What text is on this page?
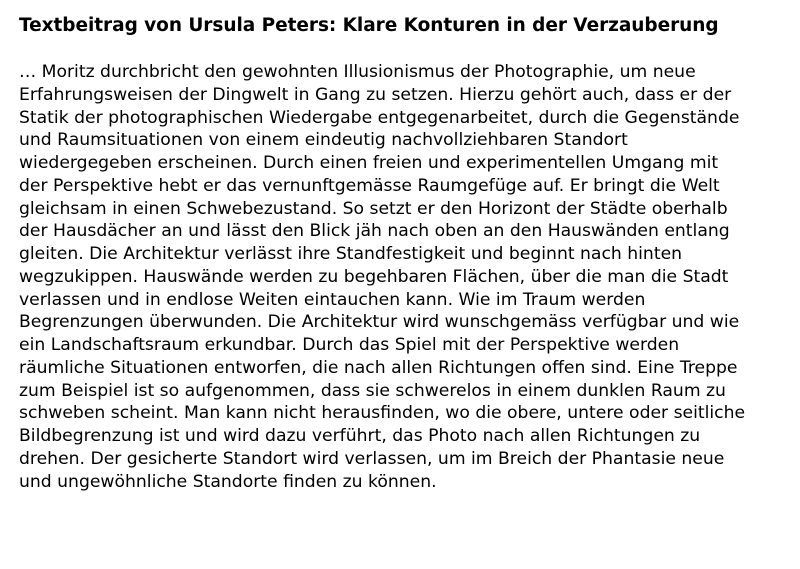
Textbeitrag von Ursula Peters: Klare Konturen in der Verzauberung

… Moritz durchbricht den gewohnten Illusionismus der Photographie, um neue
Erfahrungsweisen der Dingwelt in Gang zu setzen. Hierzu gehört auch, dass er der
Statik der photographischen Wiedergabe entgegenarbeitet, durch die Gegenstände
und Raumsituationen von einem eindeutig nachvollziehbaren Standort
wiedergegeben erscheinen. Durch einen freien und experimentellen Umgang mit
der Perspektive hebt er das vernunftgemässe Raumgefüge auf. Er bringt die Welt
gleichsam in einen Schwebezustand. So setzt er den Horizont der Städte oberhalb
der Hausdächer an und lässt den Blick jäh nach oben an den Hauswänden entlang
gleiten. Die Architektur verlässt ihre Standfestigkeit und beginnt nach hinten
wegzukippen. Hauswände werden zu begehbaren Flächen, über die man die Stadt
verlassen und in endlose Weiten eintauchen kann. Wie im Traum werden
Begrenzungen überwunden. Die Architektur wird wunschgemäss verfügbar und wie
ein Landschaftsraum erkundbar. Durch das Spiel mit der Perspektive werden
räumliche Situationen entworfen, die nach allen Richtungen offen sind. Eine Treppe
zum Beispiel ist so aufgenommen, dass sie schwerelos in einem dunklen Raum zu
schweben scheint. Man kann nicht herausfinden, wo die obere, untere oder seitliche
Bildbegrenzung ist und wird dazu verführt, das Photo nach allen Richtungen zu
drehen. Der gesicherte Standort wird verlassen, um im Breich der Phantasie neue
und ungewöhnliche Standorte finden zu können.
